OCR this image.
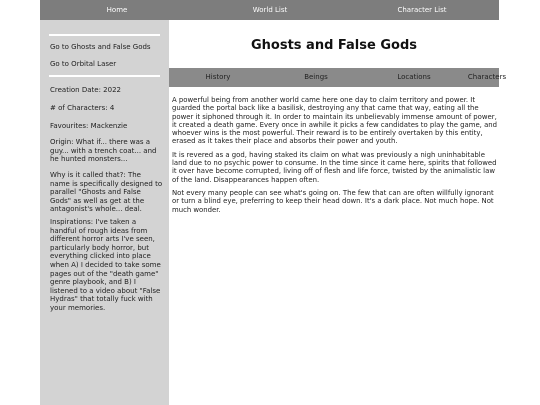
Home	World List	Character List
Go to Ghosts and False Gods
Go to Orbital Laser
Creation Date: 2022
# of Characters: 4
Favourites: Mackenzie
Origin: What if... there was a guy... with a trench coat... and he hunted monsters...
Why is it called that?: The name is specifically designed to parallel "Ghosts and False Gods" as well as get at the antagonist's whole... deal.
Inspirations: I've taken a handful of rough ideas from different horror arts I've seen, particularly body horror, but everything clicked into place when A) I decided to take some pages out of the "death game" genre playbook, and B) I listened to a video about "False Hydras" that totally fuck with your memories.
Ghosts and False Gods
History	Beings	Locations	Characters

A powerful being from another world came here one day to claim territory and power. It guarded the portal back like a basilisk, destroying any that came that way, eating all the power it siphoned through it. In order to maintain its unbelievably immense amount of power, it created a death game. Every once in awhile it picks a few candidates to play the game, and whoever wins is the most powerful. Their reward is to be entirely overtaken by this entity, erased as it takes their place and absorbs their power and youth.

It is revered as a god, having staked its claim on what was previously a nigh uninhabitable land due to no psychic power to consume. In the time since it came here, spirits that followed it over have become corrupted, living off of flesh and life force, twisted by the animalistic law of the land. Disappearances happen often.

Not every many people can see what's going on. The few that can are often willfully ignorant or turn a blind eye, preferring to keep their head down. It's a dark place. Not much hope. Not much wonder.
